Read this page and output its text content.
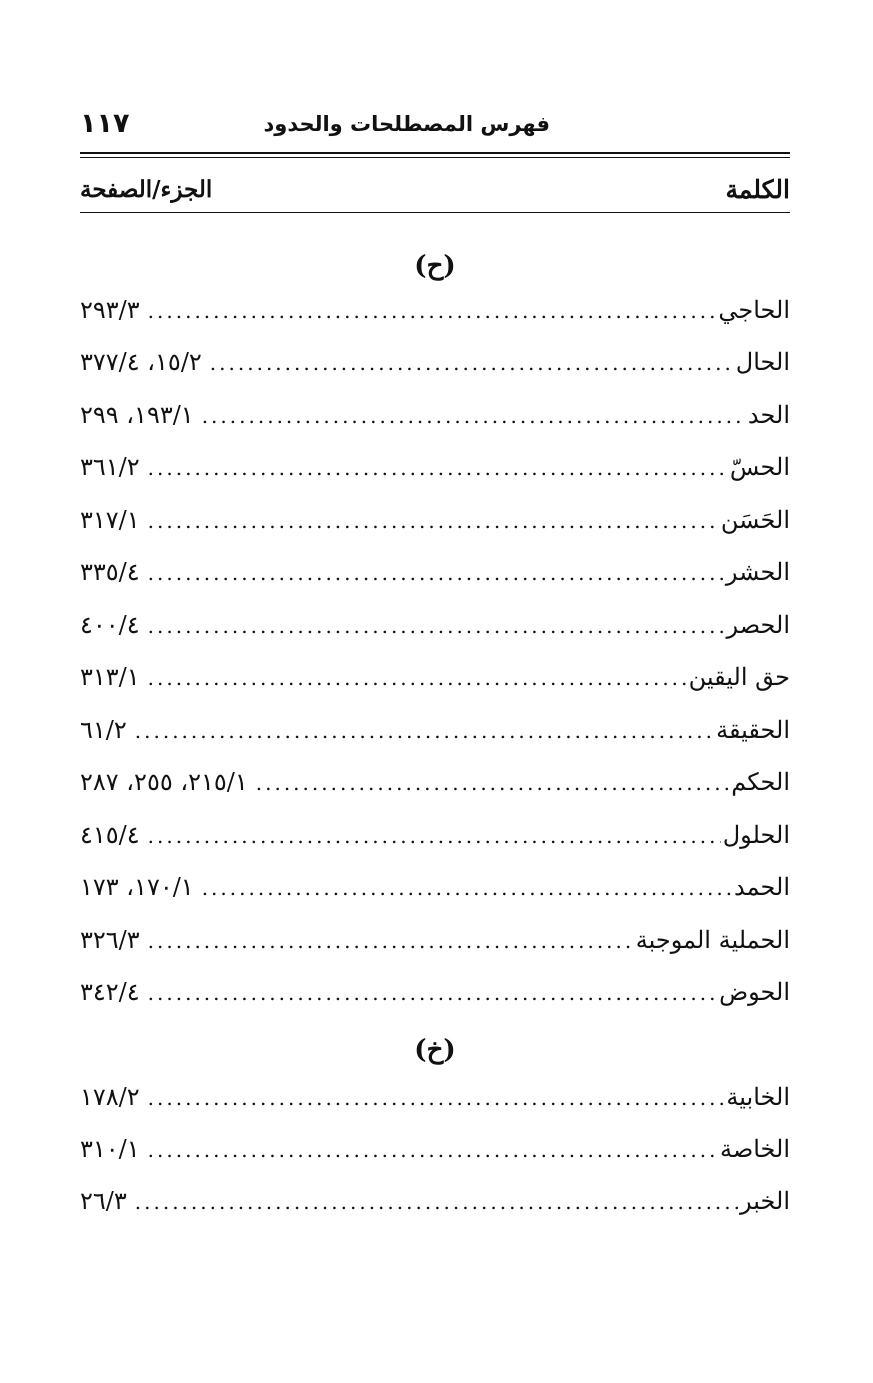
١١٧	فهرس المصطلحات والحدود
الكلمة
الجزء/الصفحة
(ح)
الحاجي
.....
٢٩٣/٣
الحال
.....
١٥/٢، ٣٧٧/٤
الحد
.....
١٩٣/١، ٢٩٩
الحسّ
.....
٣٦١/٢
الحَسَن
.....
٣١٧/١
الحشر
.....
٣٣٥/٤
الحصر
.....
٤٠٠/٤
حق اليقين
.....
٣١٣/١
الحقيقة
.....
٦١/٢
الحكم
.....
٢١٥/١، ٢٥٥، ٢٨٧
الحلول
.....
٤١٥/٤
الحمد
.....
١٧٠/١، ١٧٣
الحملية الموجبة
.....
٣٢٦/٣
الحوض
.....
٣٤٢/٤
(خ)
الخابية
.....
١٧٨/٢
الخاصة
.....
٣١٠/١
الخبر
.....
٢٦/٣
